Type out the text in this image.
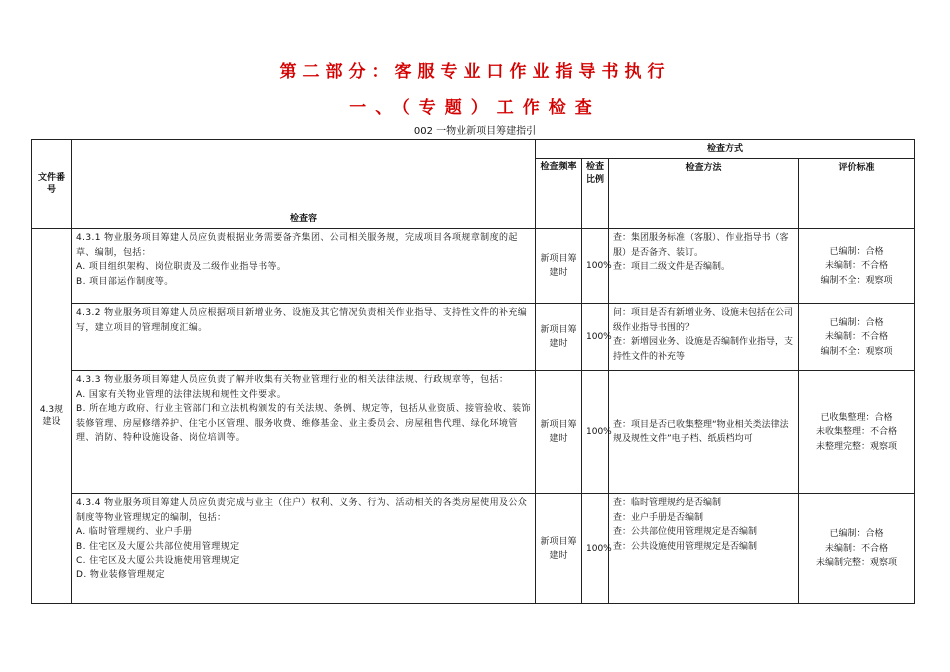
第二部分：客服专业口作业指导书执行
一、（专题）工作检查
002 一物业新项目筹建指引
文件番号	检查容	检查方式			
		检查频率	检查比例	检查方法	评价标准
4.3规建设	4.3.1 物业服务项目筹建人员应负责根据业务需要备齐集团、公司相关服务规，完成项目各项规章制度的起草、编制，包括：
A. 项目组织架构、岗位职责及二级作业指导书等。
B. 项目部运作制度等。	新项目筹建时	100%	查：集团服务标准（客服）、作业指导书（客服）是否备齐、装订。
查：项目二级文件是否编制。	已编制：合格
未编制：不合格
编制不全：观察项

	4.3.2 物业服务项目筹建人员应根据项目新增业务、设施及其它情况负责相关作业指导、支持性文件的补充编写，建立项目的管理制度汇编。	新项目筹建时	100%	问：项目是否有新增业务、设施未包括在公司级作业指导书围的？
查：新增园业务、设施是否编制作业指导，支持性文件的补充等	已编制：合格
未编制：不合格
编制不全：观察项

	4.3.3 物业服务项目筹建人员应负责了解并收集有关物业管理行业的相关法律法规、行政规章等，包括：
A. 国家有关物业管理的法律法规和规性文件要求。
B. 所在地方政府、行业主管部门和立法机构颁发的有关法规、条例、规定等，包括从业资质、接管验收、装饰装修管理、房屋修缮养护、住宅小区管理、服务收费、维修基金、业主委员会、房屋租售代理、绿化环境管理、消防、特种设施设备、岗位培训等。	新项目筹建时	100%	查：项目是否已收集整理“物业相关类法律法规及规性文件”电子档、纸质档均可	已收集整理：合格
未收集整理：不合格
未整理完整：观察项

	4.3.4 物业服务项目筹建人员应负责完成与业主（住户）权利、义务、行为、活动相关的各类房屋使用及公众制度等物业管理规定的编制，包括：
A. 临时管理规约、业户手册
B. 住宅区及大厦公共部位使用管理规定
C. 住宅区及大厦公共设施使用管理规定
D. 物业装修管理规定	新项目筹建时	100%	查：临时管理规约是否编制
查：业户手册是否编制
查：公共部位使用管理规定是否编制
查：公共设施使用管理规定是否编制	已编制：合格
未编制：不合格
未编制完整：观察项
